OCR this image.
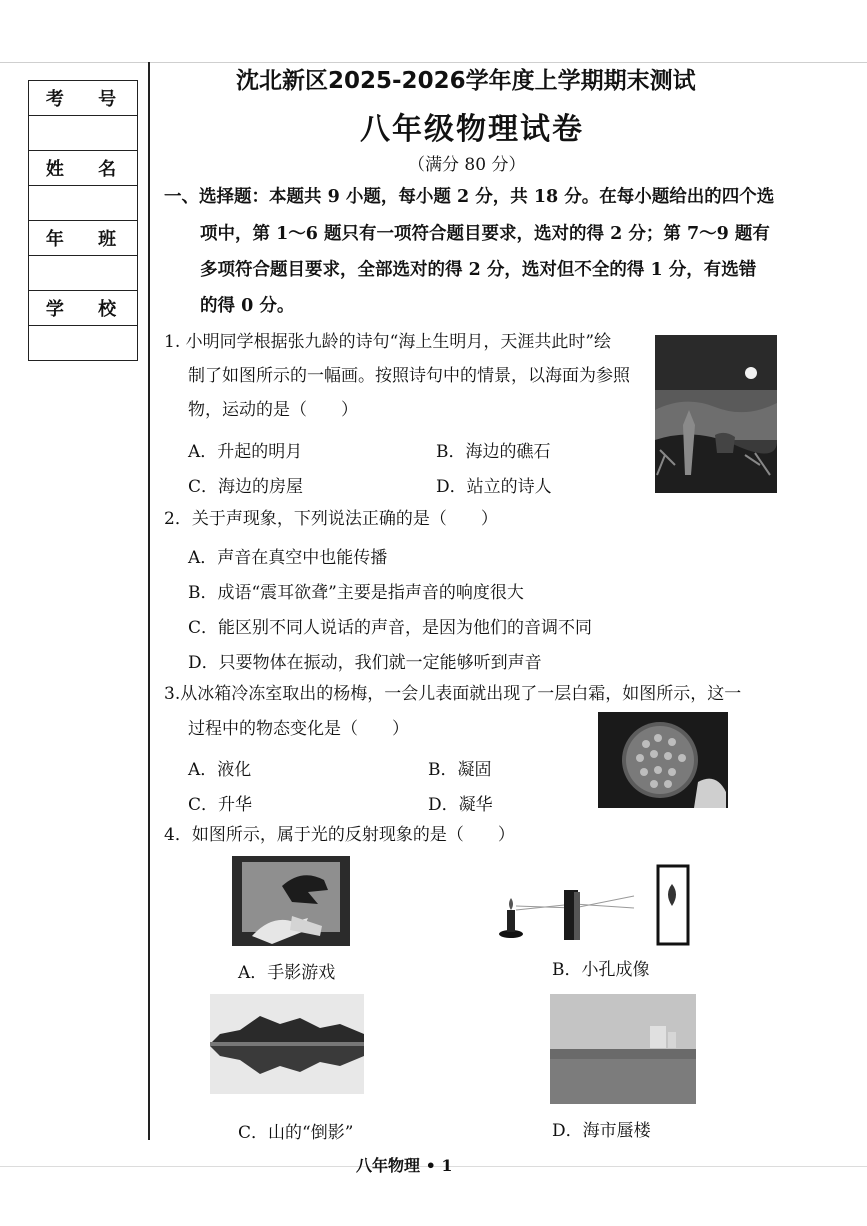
考 号
姓 名
年 班
学 校
沈北新区2025-2026学年度上学期期末测试
八年级物理试卷
（满分 80 分）
一、选择题：本题共 9 小题，每小题 2 分，共 18 分。在每小题给出的四个选
项中，第 1～6 题只有一项符合题目要求，选对的得 2 分；第 7～9 题有
多项符合题目要求，全部选对的得 2 分，选对但不全的得 1 分，有选错
的得 0 分。
1. 小明同学根据张九龄的诗句“海上生明月，天涯共此时”绘
制了如图所示的一幅画。按照诗句中的情景，以海面为参照
物，运动的是（　　）
A．升起的明月	B．海边的礁石
C．海边的房屋	D．站立的诗人
2．关于声现象，下列说法正确的是（　　）
A．声音在真空中也能传播
B．成语“震耳欲聋”主要是指声音的响度很大
C．能区别不同人说话的声音，是因为他们的音调不同
D．只要物体在振动，我们就一定能够听到声音
3.从冰箱冷冻室取出的杨梅，一会儿表面就出现了一层白霜，如图所示，这一
过程中的物态变化是（　　）
A．液化	B．凝固
C．升华	D．凝华
4．如图所示，属于光的反射现象的是（　　）
A．手影游戏	B．小孔成像
C．山的“倒影”	D．海市蜃楼
八年物理 • 1
